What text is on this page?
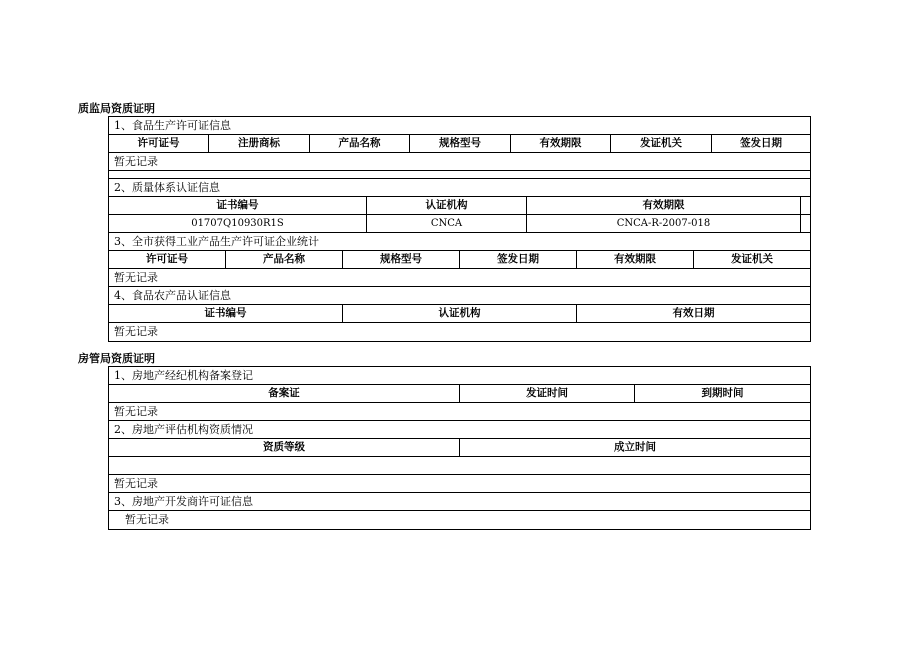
质监局资质证明
1、食品生产许可证信息
许可证号	注册商标	产品名称	规格型号	有效期限	发证机关	签发日期
暂无记录
2、质量体系认证信息
证书编号	认证机构	有效期限
01707Q10930R1S	CNCA	CNCA-R-2007-018
3、全市获得工业产品生产许可证企业统计
许可证号	产品名称	规格型号	签发日期	有效期限	发证机关
暂无记录
4、食品农产品认证信息
证书编号	认证机构	有效日期
暂无记录
房管局资质证明
1、房地产经纪机构备案登记
备案证	发证时间	到期时间
暂无记录
2、房地产评估机构资质情况
资质等级	成立时间
暂无记录
3、房地产开发商许可证信息
暂无记录
